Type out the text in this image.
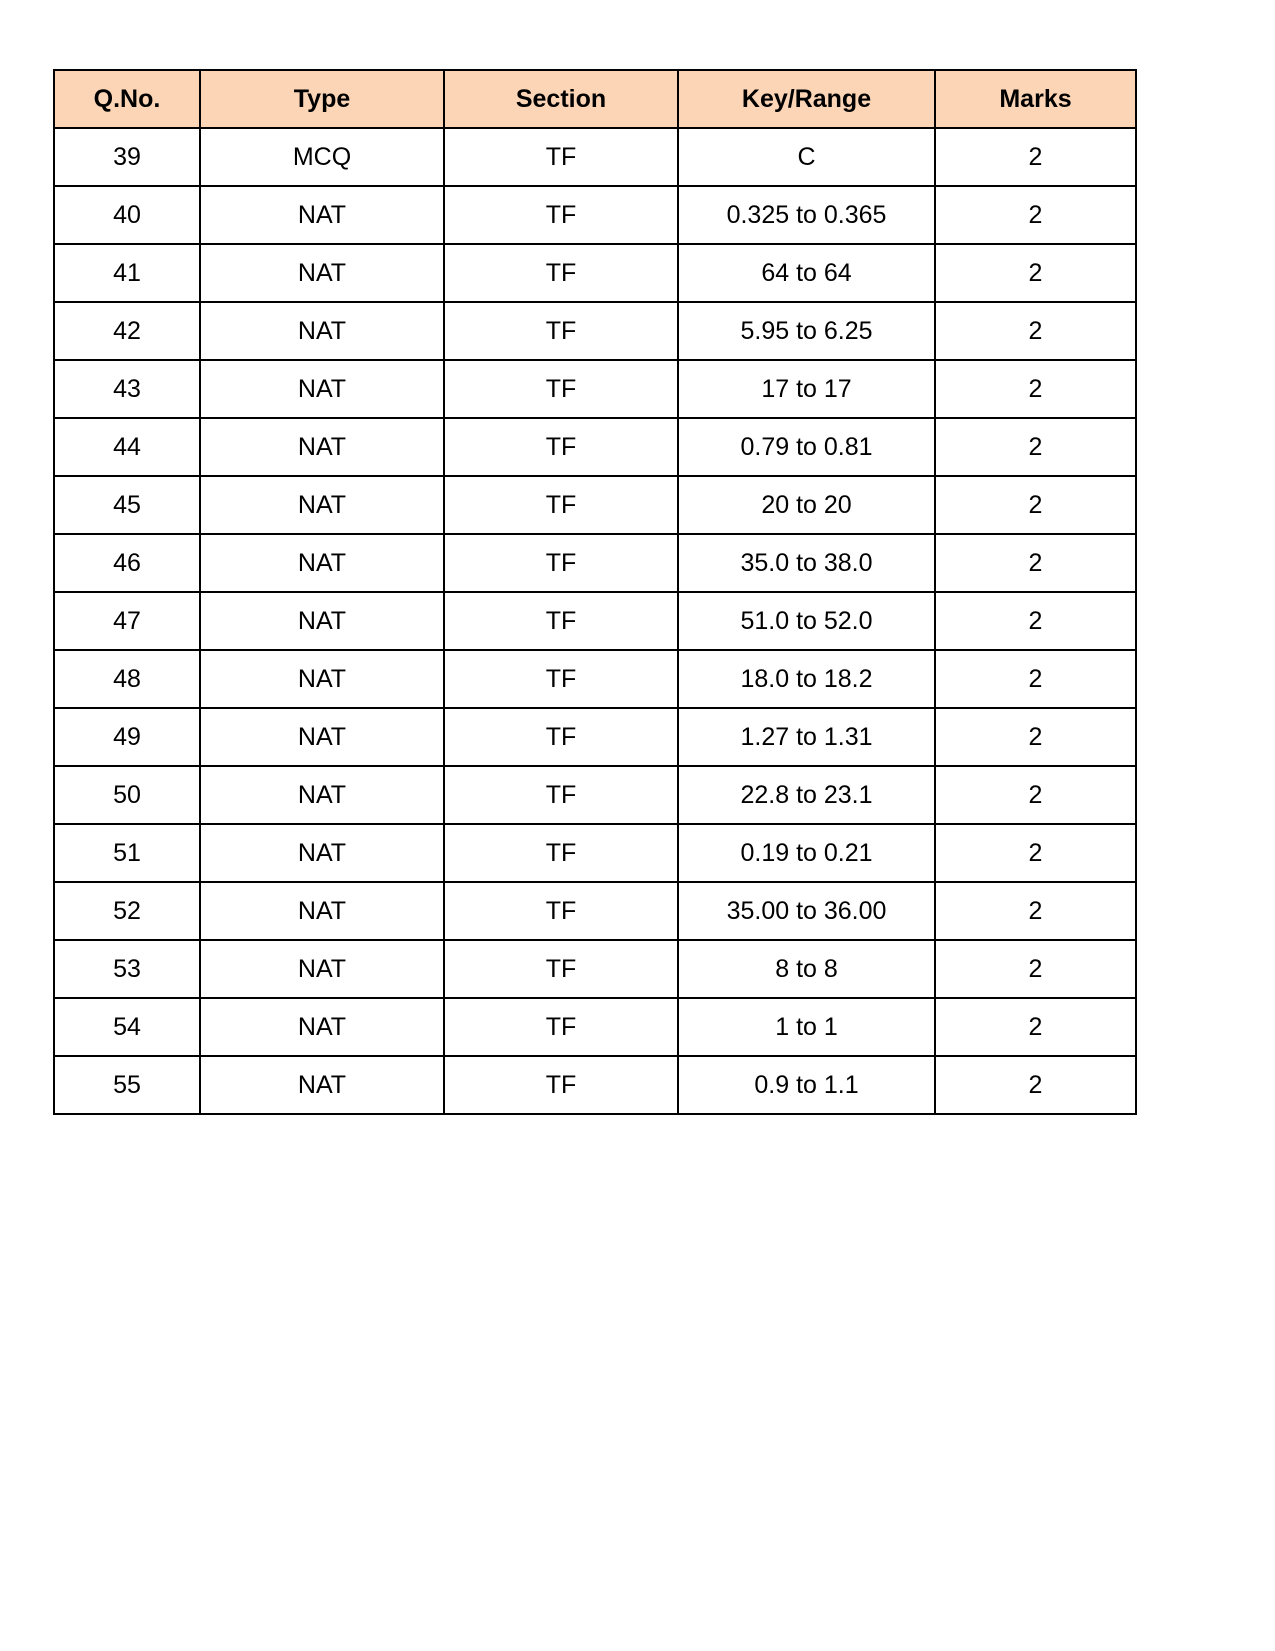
Q.No.	Type	Section	Key/Range	Marks
39	MCQ	TF	C	2
40	NAT	TF	0.325 to 0.365	2
41	NAT	TF	64 to 64	2
42	NAT	TF	5.95 to 6.25	2
43	NAT	TF	17 to 17	2
44	NAT	TF	0.79 to 0.81	2
45	NAT	TF	20 to 20	2
46	NAT	TF	35.0 to 38.0	2
47	NAT	TF	51.0 to 52.0	2
48	NAT	TF	18.0 to 18.2	2
49	NAT	TF	1.27 to 1.31	2
50	NAT	TF	22.8 to 23.1	2
51	NAT	TF	0.19 to 0.21	2
52	NAT	TF	35.00 to 36.00	2
53	NAT	TF	8 to 8	2
54	NAT	TF	1 to 1	2
55	NAT	TF	0.9 to 1.1	2
